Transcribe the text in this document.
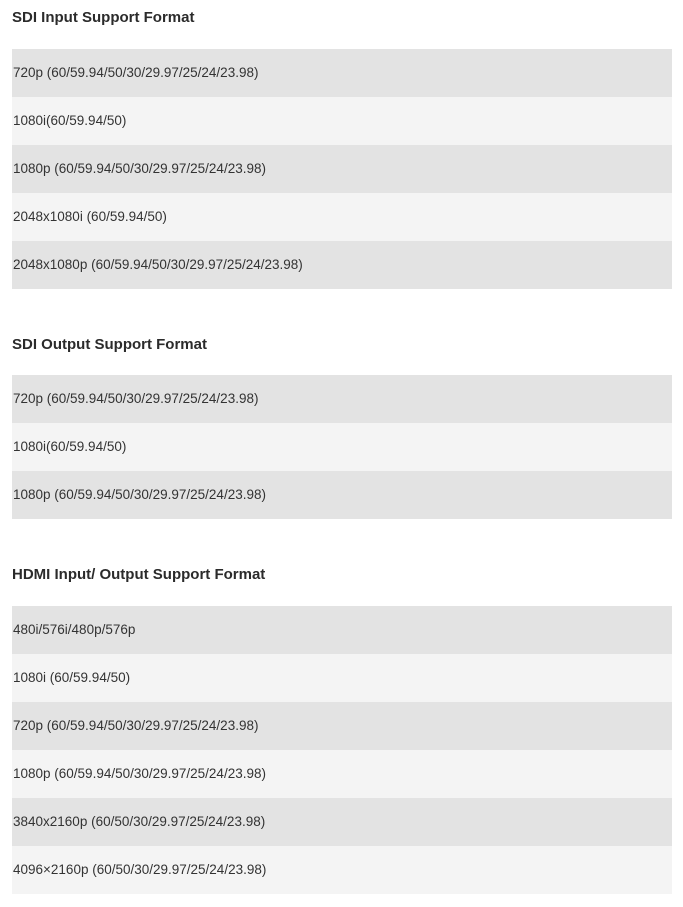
SDI Input Support Format
720p (60/59.94/50/30/29.97/25/24/23.98)
1080i(60/59.94/50)
1080p (60/59.94/50/30/29.97/25/24/23.98)
2048x1080i (60/59.94/50)
2048x1080p (60/59.94/50/30/29.97/25/24/23.98)
SDI Output Support Format
720p (60/59.94/50/30/29.97/25/24/23.98)
1080i(60/59.94/50)
1080p (60/59.94/50/30/29.97/25/24/23.98)
HDMI Input/ Output Support Format
480i/576i/480p/576p
1080i (60/59.94/50)
720p (60/59.94/50/30/29.97/25/24/23.98)
1080p (60/59.94/50/30/29.97/25/24/23.98)
3840x2160p (60/50/30/29.97/25/24/23.98)
4096×2160p (60/50/30/29.97/25/24/23.98)
